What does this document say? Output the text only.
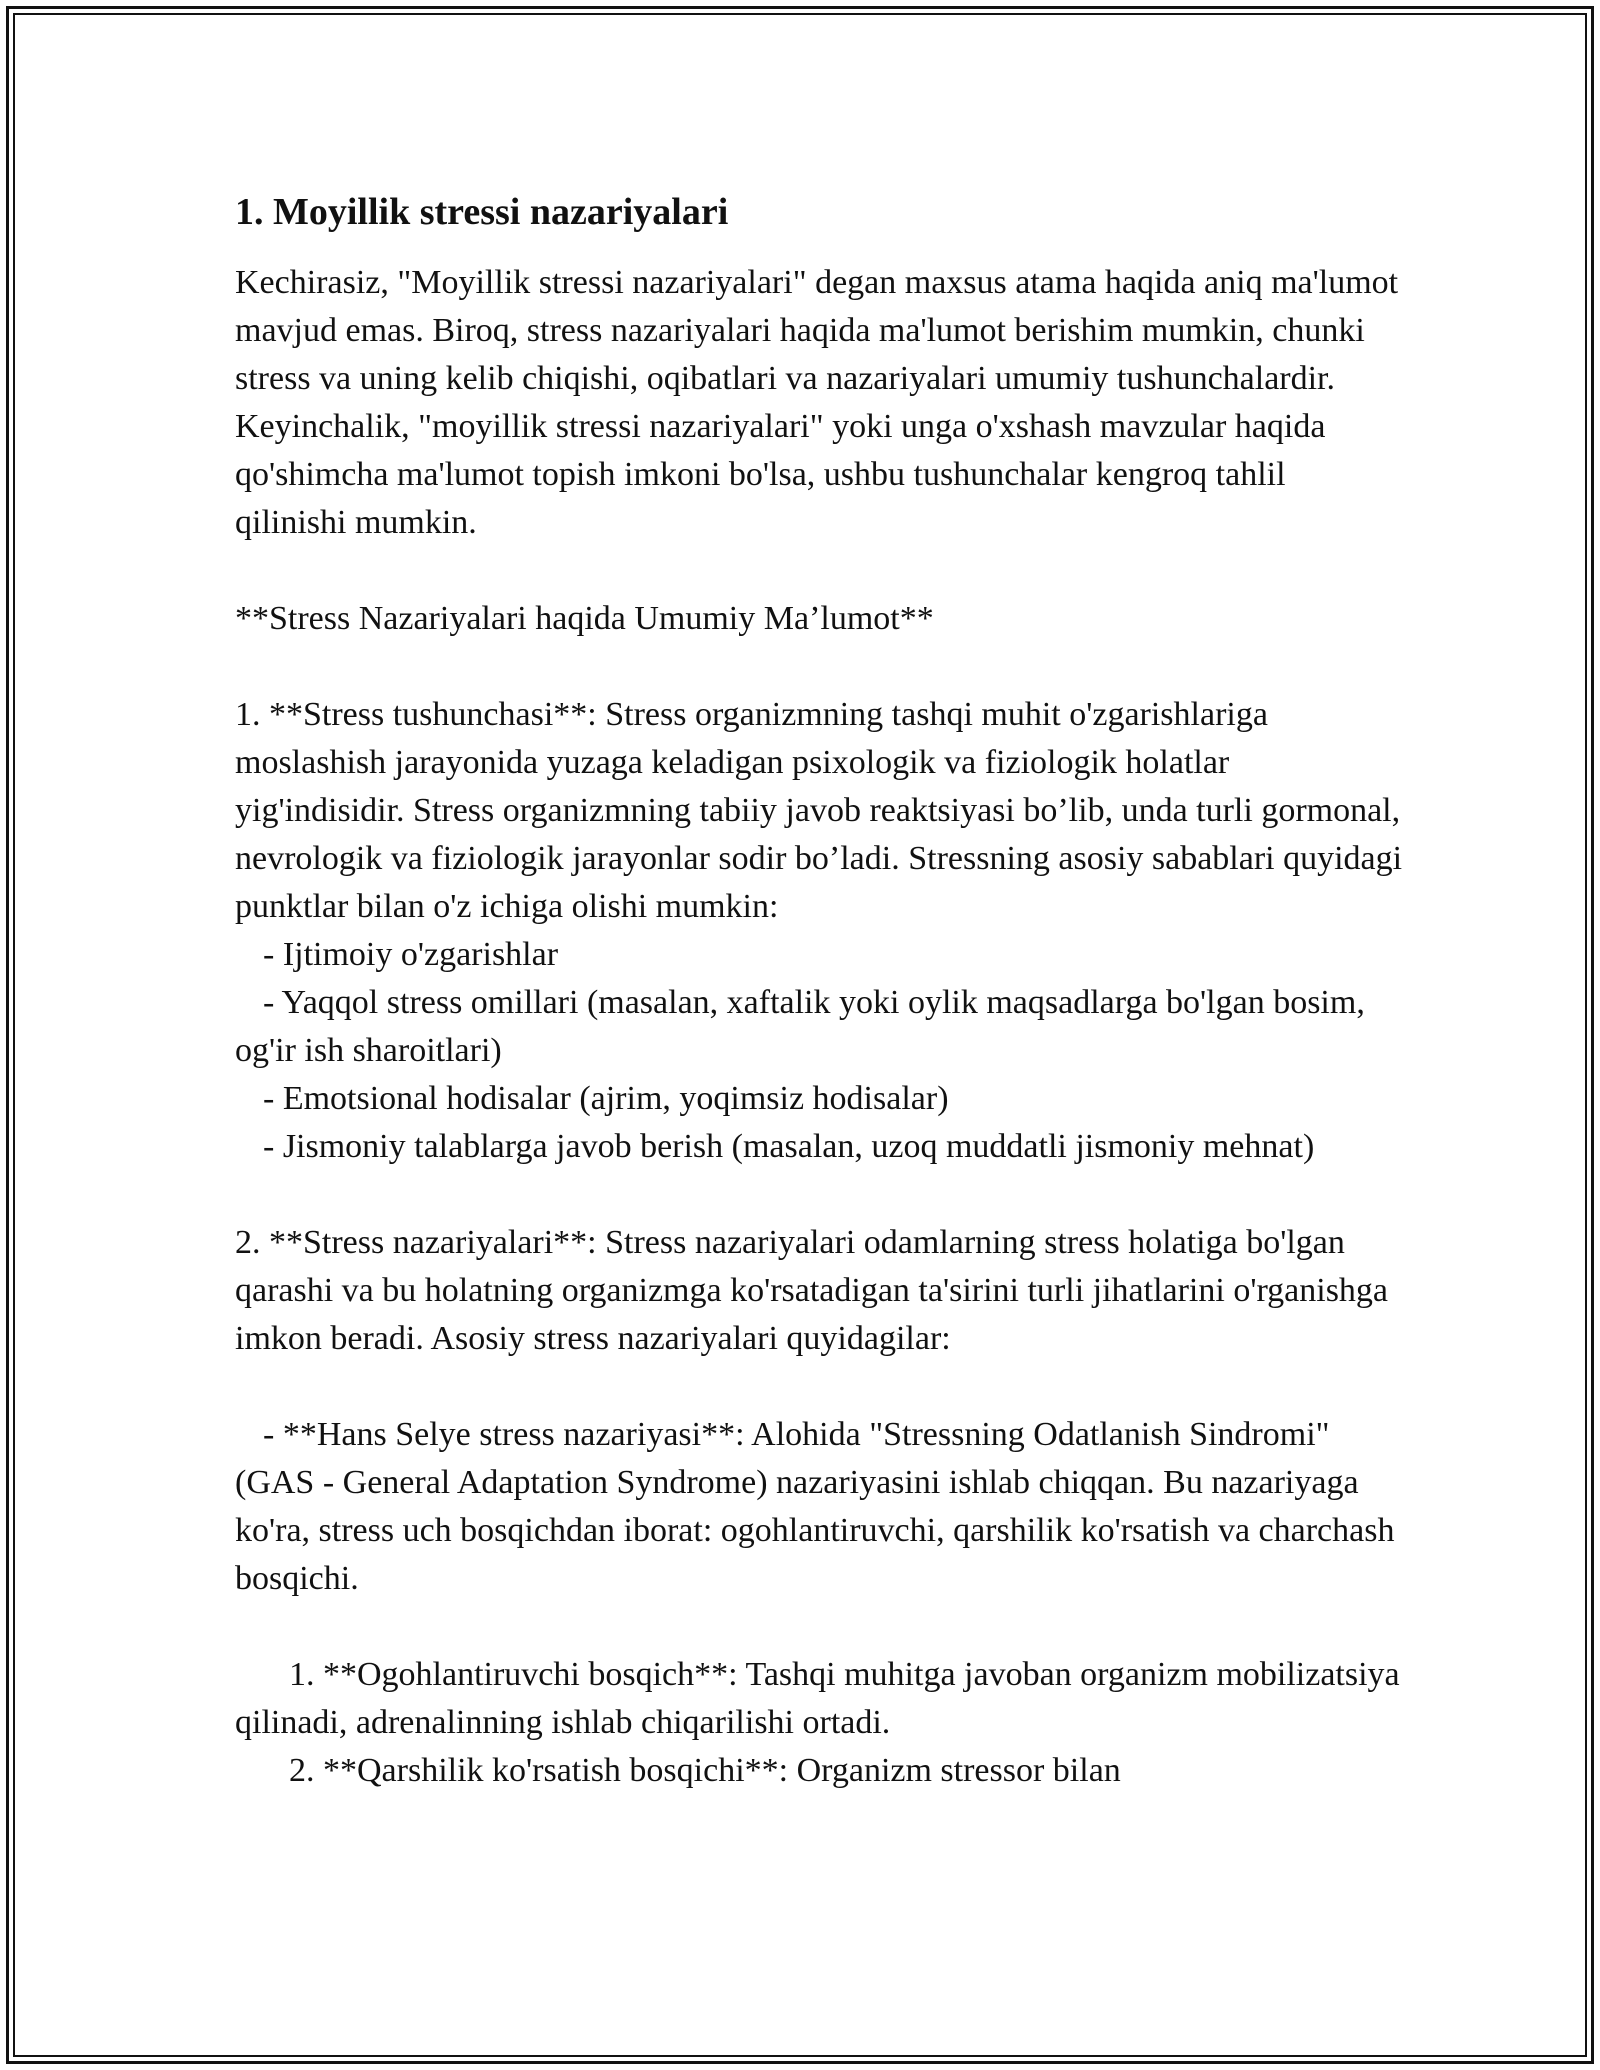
1. Moyillik stressi nazariyalari

Kechirasiz, "Moyillik stressi nazariyalari" degan maxsus atama haqida aniq ma'lumot mavjud emas. Biroq, stress nazariyalari haqida ma'lumot berishim mumkin, chunki stress va uning kelib chiqishi, oqibatlari va nazariyalari umumiy tushunchalardir. Keyinchalik, "moyillik stressi nazariyalari" yoki unga o'xshash mavzular haqida qo'shimcha ma'lumot topish imkoni bo'lsa, ushbu tushunchalar kengroq tahlil qilinishi mumkin.

**Stress Nazariyalari haqida Umumiy Ma’lumot**

1. **Stress tushunchasi**: Stress organizmning tashqi muhit o'zgarishlariga moslashish jarayonida yuzaga keladigan psixologik va fiziologik holatlar yig'indisidir. Stress organizmning tabiiy javob reaktsiyasi bo’lib, unda turli gormonal, nevrologik va fiziologik jarayonlar sodir bo’ladi. Stressning asosiy sabablari quyidagi punktlar bilan o'z ichiga olishi mumkin:

- Ijtimoiy o'zgarishlar

- Yaqqol stress omillari (masalan, xaftalik yoki oylik maqsadlarga bo'lgan bosim, og'ir ish sharoitlari)

- Emotsional hodisalar (ajrim, yoqimsiz hodisalar)

- Jismoniy talablarga javob berish (masalan, uzoq muddatli jismoniy mehnat)

2. **Stress nazariyalari**: Stress nazariyalari odamlarning stress holatiga bo'lgan qarashi va bu holatning organizmga ko'rsatadigan ta'sirini turli jihatlarini o'rganishga imkon beradi. Asosiy stress nazariyalari quyidagilar:

- **Hans Selye stress nazariyasi**: Alohida "Stressning Odatlanish Sindromi" (GAS - General Adaptation Syndrome) nazariyasini ishlab chiqqan. Bu nazariyaga ko'ra, stress uch bosqichdan iborat: ogohlantiruvchi, qarshilik ko'rsatish va charchash bosqichi.

1. **Ogohlantiruvchi bosqich**: Tashqi muhitga javoban organizm mobilizatsiya qilinadi, adrenalinning ishlab chiqarilishi ortadi.

2. **Qarshilik ko'rsatish bosqichi**: Organizm stressor bilan
